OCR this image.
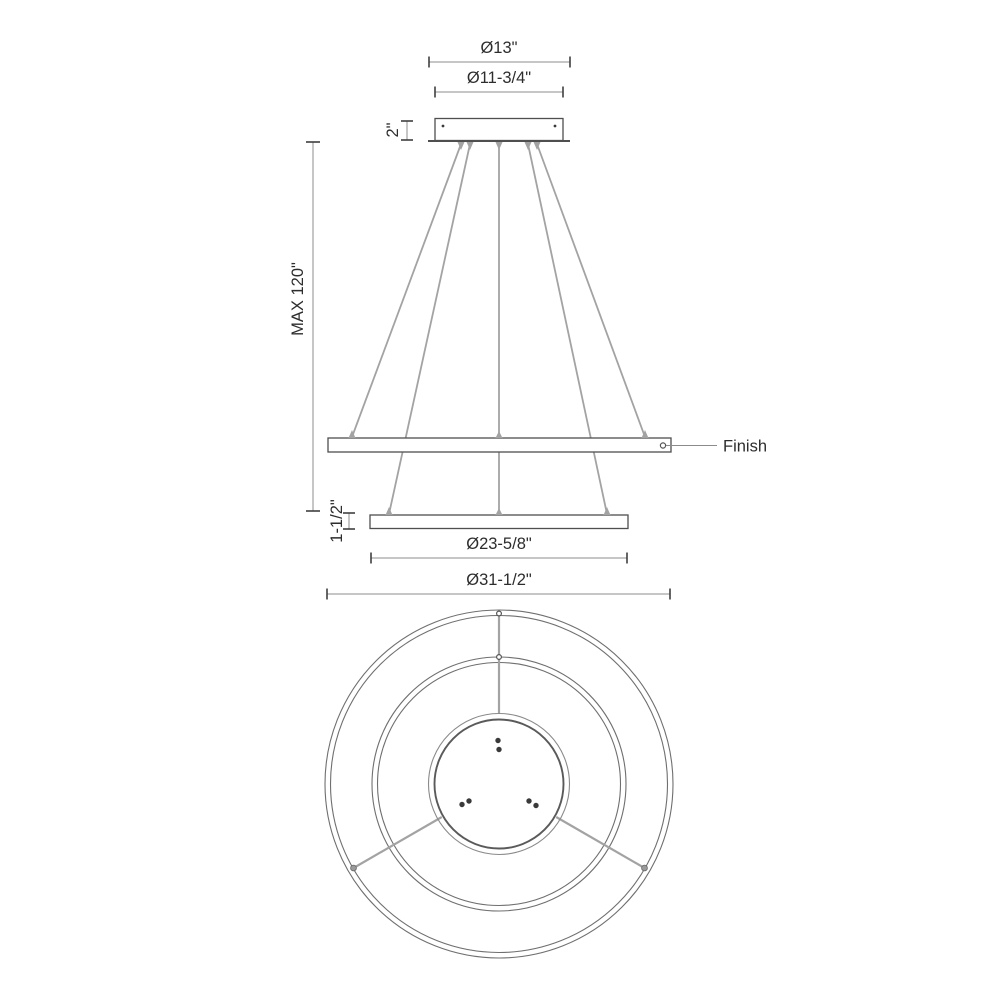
Finish
Ø13"
Ø11-3/4"
2"
MAX 120"
1-1/2"
Ø23-5/8"
Ø31-1/2"
